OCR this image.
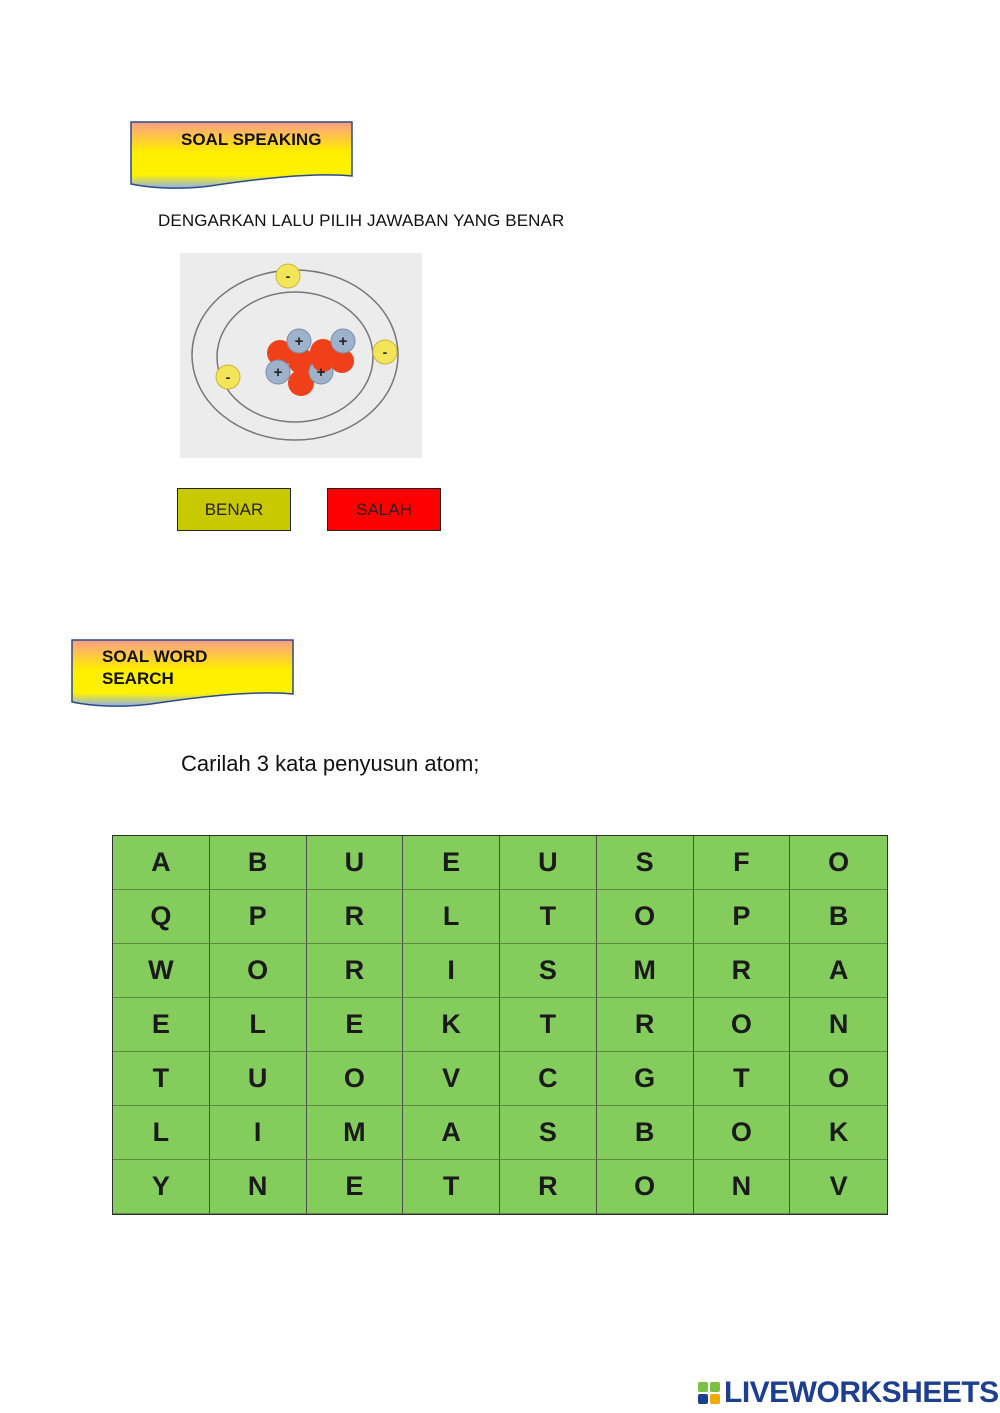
SOAL SPEAKING
DENGARKAN LALU PILIH JAWABAN YANG BENAR
+ +
+ +
-
-
-
BENAR	SALAH
SOAL WORD
SEARCH
Carilah 3 kata penyusun atom;
A	B	U	E	U	S	F	O
Q	P	R	L	T	O	P	B
W	O	R	I	S	M	R	A
E	L	E	K	T	R	O	N
T	U	O	V	C	G	T	O
L	I	M	A	S	B	O	K
Y	N	E	T	R	O	N	V
LIVEWORKSHEETS
